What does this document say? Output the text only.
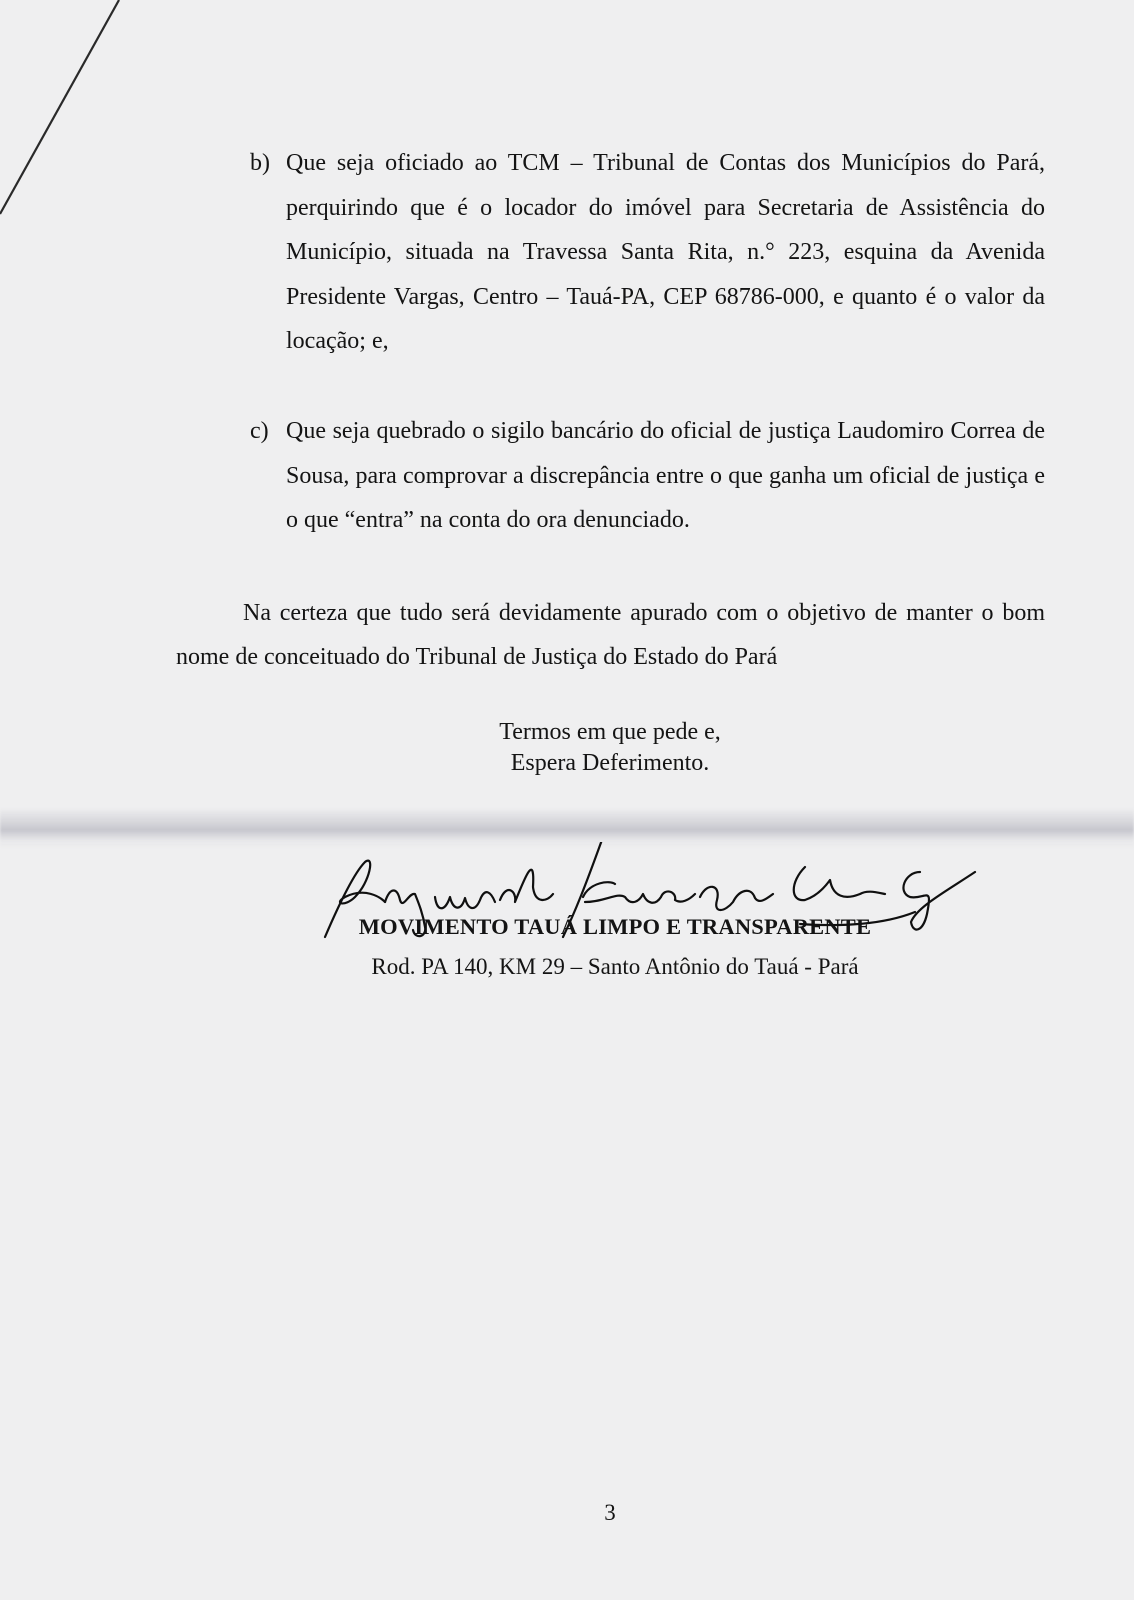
b) Que seja oficiado ao TCM – Tribunal de Contas dos Municípios do Pará, perquirindo que é o locador do imóvel para Secretaria de Assistência do Município, situada na Travessa Santa Rita, n.° 223, esquina da Avenida Presidente Vargas, Centro – Tauá-PA, CEP 68786-000, e quanto é o valor da locação; e,
c) Que seja quebrado o sigilo bancário do oficial de justiça Laudomiro Correa de Sousa, para comprovar a discrepância entre o que ganha um oficial de justiça e o que “entra” na conta do ora denunciado.
Na certeza que tudo será devidamente apurado com o objetivo de manter o bom nome de conceituado do Tribunal de Justiça do Estado do Pará
Termos em que pede e,
Espera Deferimento.
MOVIMENTO TAUÁ LIMPO E TRANSPARENTE
Rod. PA 140, KM 29 – Santo Antônio do Tauá - Pará
3
